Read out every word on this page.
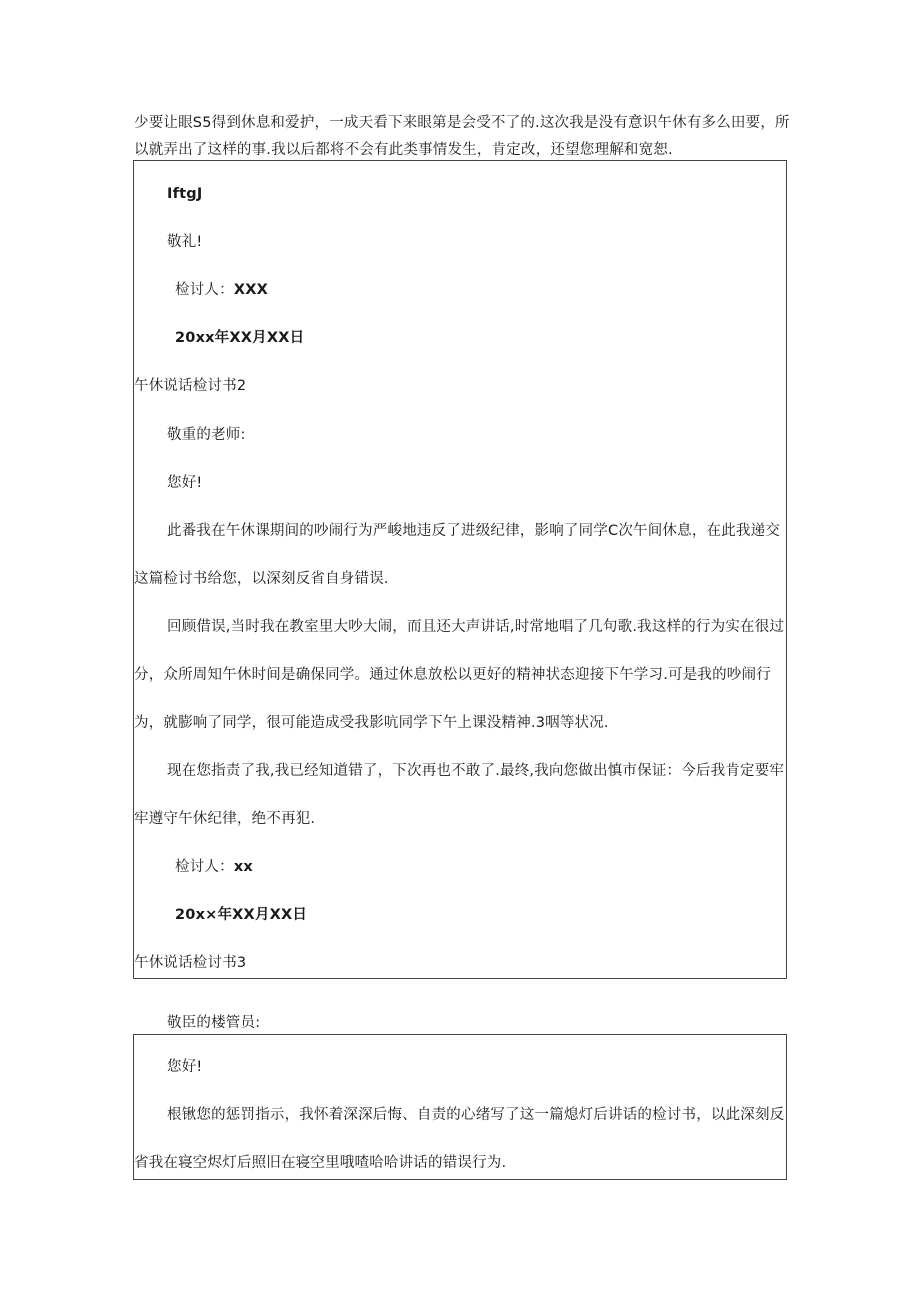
少要让眼S5得到休息和爱护，一成天看下来眼第是会受不了的.这次我是没有意识午休有多么田要，所
以就弄出了这样的事.我以后都将不会有此类事情发生，肯定改，还望您理解和宽恕.
IftgJ
敬礼!
检讨人：XXX
20xx年XX月XX日
午休说话检讨书2
敬重的老师:
您好!
此番我在午休课期间的吵闹行为严峻地违反了进级纪律，影响了同学C次午间休息，在此我递交
这篇检讨书给您，以深刻反省自身错误.
回顾借误,当时我在教室里大吵大闹，而且还大声讲话,时常地唱了几句歌.我这样的行为实在很过
分，众所周知午休时间是确保同学。通过休息放松以更好的精神状态迎接下午学习.可是我的吵闹行
为，就膨响了同学，很可能造成受我影吭同学下午上课没精神.3咽等状况.
现在您指责了我,我已经知道错了，下次再也不敢了.最终,我向您做出慎市保证：今后我肯定要牢
牢遵守午休纪律，绝不再犯.
检讨人：xx
20x×年XX月XX日
午休说话检讨书3
敬臣的楼管员:
您好!
根锹您的惩罚指示，我怀着深深后悔、自责的心绪写了这一篇熄灯后讲话的检讨书，以此深刻反
省我在寝空烬灯后照旧在寝空里哦喳哈哈讲话的错误行为.
